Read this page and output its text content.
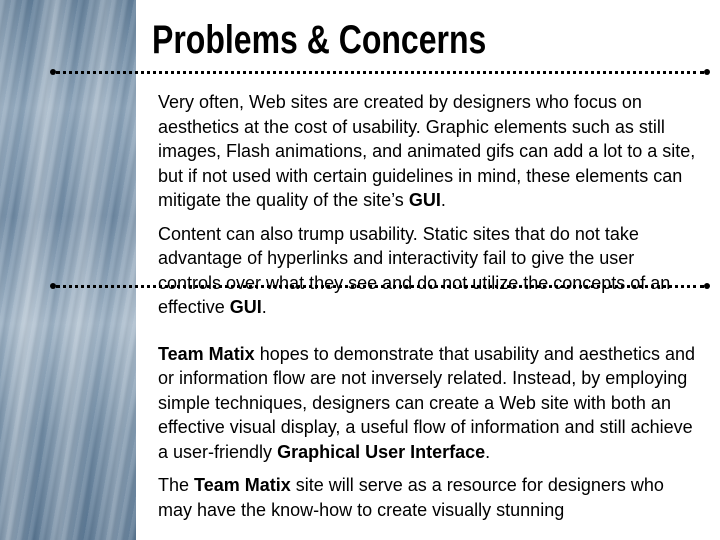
Problems & Concerns

Very often, Web sites are created by designers who focus on aesthetics at the cost of usability. Graphic elements such as still images, Flash animations, and animated gifs can add a lot to a site, but if not used with certain guidelines in mind, these elements can mitigate the quality of the site’s GUI.

Content can also trump usability. Static sites that do not take advantage of hyperlinks and interactivity fail to give the user controls over what they see and do not utilize the concepts of an effective GUI.

Team Matix hopes to demonstrate that usability and aesthetics and or information flow are not inversely related. Instead, by employing simple techniques, designers can create a Web site with both an effective visual display, a useful flow of information and still achieve a user-friendly Graphical User Interface.

The Team Matix site will serve as a resource for designers who may have the know-how to create visually stunning
